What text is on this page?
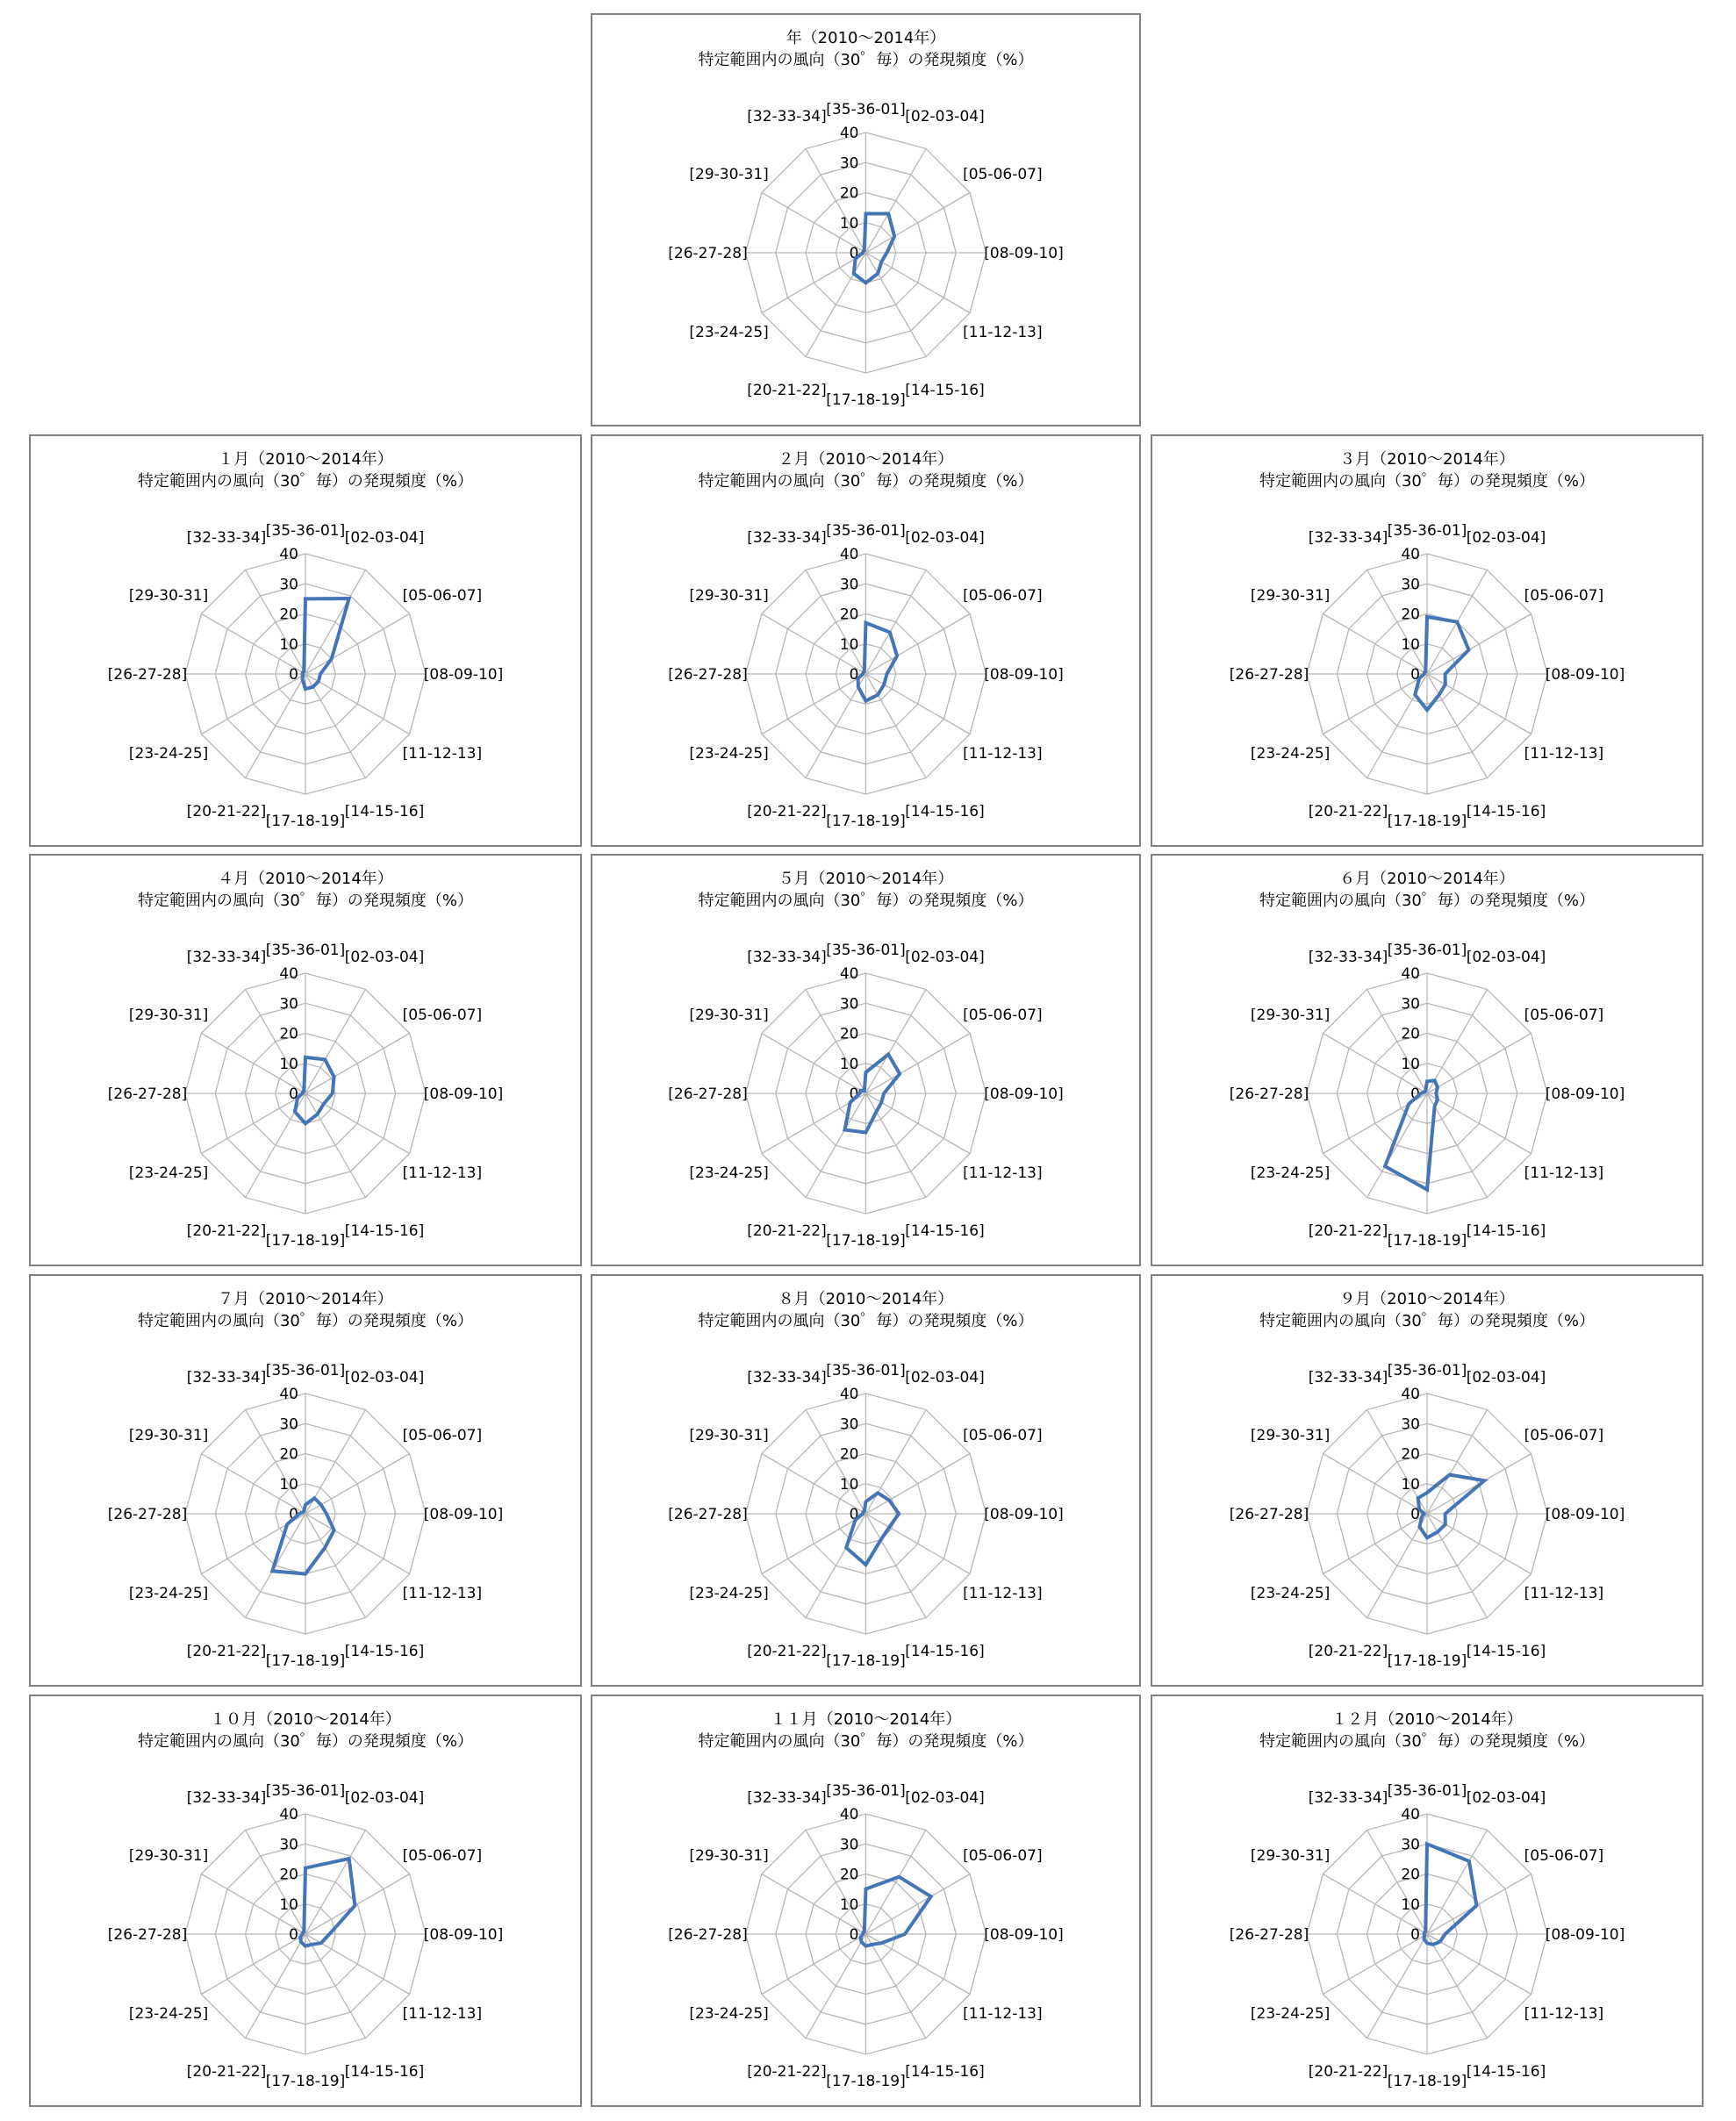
年（2010～2014年）
特定範囲内の風向（30゜毎）の発現頻度（%）
[35-36-01] [02-03-04]
[05-06-07]
[08-09-10]
[11-12-13]
[14-15-16]
[17-18-19]
[20-21-22]
[23-24-25]
[26-27-28]
[29-30-31]
[32-33-34]
0
10
20
30
40
１月（2010～2014年）
特定範囲内の風向（30゜毎）の発現頻度（%）
[35-36-01] [02-03-04]
[05-06-07]
[08-09-10]
[11-12-13]
[14-15-16]
[17-18-19]
[20-21-22]
[23-24-25]
[26-27-28]
[29-30-31]
[32-33-34]
0
10
20
30
40
２月（2010～2014年）
特定範囲内の風向（30゜毎）の発現頻度（%）
[35-36-01] [02-03-04]
[05-06-07]
[08-09-10]
[11-12-13]
[14-15-16]
[17-18-19]
[20-21-22]
[23-24-25]
[26-27-28]
[29-30-31]
[32-33-34]
0
10
20
30
40
３月（2010～2014年）
特定範囲内の風向（30゜毎）の発現頻度（%）
[35-36-01] [02-03-04]
[05-06-07]
[08-09-10]
[11-12-13]
[14-15-16]
[17-18-19]
[20-21-22]
[23-24-25]
[26-27-28]
[29-30-31]
[32-33-34]
0
10
20
30
40
４月（2010～2014年）
特定範囲内の風向（30゜毎）の発現頻度（%）
[35-36-01] [02-03-04]
[05-06-07]
[08-09-10]
[11-12-13]
[14-15-16]
[17-18-19]
[20-21-22]
[23-24-25]
[26-27-28]
[29-30-31]
[32-33-34]
0
10
20
30
40
５月（2010～2014年）
特定範囲内の風向（30゜毎）の発現頻度（%）
[35-36-01] [02-03-04]
[05-06-07]
[08-09-10]
[11-12-13]
[14-15-16]
[17-18-19]
[20-21-22]
[23-24-25]
[26-27-28]
[29-30-31]
[32-33-34]
0
10
20
30
40
６月（2010～2014年）
特定範囲内の風向（30゜毎）の発現頻度（%）
[35-36-01] [02-03-04]
[05-06-07]
[08-09-10]
[11-12-13]
[14-15-16]
[17-18-19]
[20-21-22]
[23-24-25]
[26-27-28]
[29-30-31]
[32-33-34]
0
10
20
30
40
７月（2010～2014年）
特定範囲内の風向（30゜毎）の発現頻度（%）
[35-36-01] [02-03-04]
[05-06-07]
[08-09-10]
[11-12-13]
[14-15-16]
[17-18-19]
[20-21-22]
[23-24-25]
[26-27-28]
[29-30-31]
[32-33-34]
0
10
20
30
40
８月（2010～2014年）
特定範囲内の風向（30゜毎）の発現頻度（%）
[35-36-01] [02-03-04]
[05-06-07]
[08-09-10]
[11-12-13]
[14-15-16]
[17-18-19]
[20-21-22]
[23-24-25]
[26-27-28]
[29-30-31]
[32-33-34]
0
10
20
30
40
９月（2010～2014年）
特定範囲内の風向（30゜毎）の発現頻度（%）
[35-36-01] [02-03-04]
[05-06-07]
[08-09-10]
[11-12-13]
[14-15-16]
[17-18-19]
[20-21-22]
[23-24-25]
[26-27-28]
[29-30-31]
[32-33-34]
0
10
20
30
40
１０月（2010～2014年）
特定範囲内の風向（30゜毎）の発現頻度（%）
[35-36-01] [02-03-04]
[05-06-07]
[08-09-10]
[11-12-13]
[14-15-16]
[17-18-19]
[20-21-22]
[23-24-25]
[26-27-28]
[29-30-31]
[32-33-34]
0
10
20
30
40
１１月（2010～2014年）
特定範囲内の風向（30゜毎）の発現頻度（%）
[35-36-01] [02-03-04]
[05-06-07]
[08-09-10]
[11-12-13]
[14-15-16]
[17-18-19]
[20-21-22]
[23-24-25]
[26-27-28]
[29-30-31]
[32-33-34]
0
10
20
30
40
１２月（2010～2014年）
特定範囲内の風向（30゜毎）の発現頻度（%）
[35-36-01] [02-03-04]
[05-06-07]
[08-09-10]
[11-12-13]
[14-15-16]
[17-18-19]
[20-21-22]
[23-24-25]
[26-27-28]
[29-30-31]
[32-33-34]
0
10
20
30
40
